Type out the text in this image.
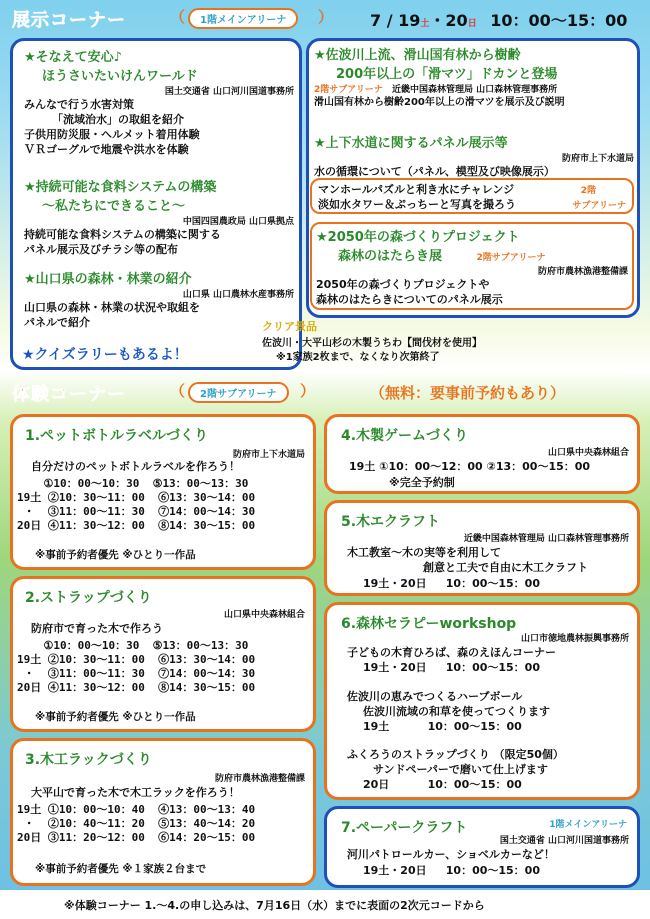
展示コーナー	（	1階メインアリーナ	） 7 / 19土・20日 10：00～15：00
★そなえて安心♪
ほうさいたいけんワールド
国土交通省 山口河川国道事務所
みんなで行う水害対策
「流域治水」の取組を紹介
子供用防災服・ヘルメット着用体験
ＶＲゴーグルで地震や洪水を体験
★持続可能な食料システムの構築
～私たちにできること～
中国四国農政局 山口県拠点
持続可能な食料システムの構築に関する
パネル展示及びチラシ等の配布
★山口県の森林・林業の紹介
山口県 山口農林水産事務所
山口県の森林・林業の状況や取組を
パネルで紹介
★クイズラリーもあるよ！
クリア景品
佐波川・大平山杉の木製うちわ【間伐材を使用】
※1家族2枚まで、なくなり次第終了
★佐波川上流、滑山国有林から樹齢
200年以上の「滑マツ」ドカンと登場
2階サブアリーナ 近畿中国森林管理局 山口森林管理事務所
滑山国有林から樹齢200年以上の滑マツを展示及び説明
★上下水道に関するパネル展示等
防府市上下水道局
水の循環について（パネル、模型及び映像展示）
マンホールパズルと利き水にチャレンジ
淡如水タワー＆ぷっちーと写真を撮ろう
2階
サブアリーナ
★2050年の森づくりプロジェクト
森林のはたらき展	2階サブアリーナ
防府市農林漁港整備課
2050年の森づくりプロジェクトや
森林のはたらきについてのパネル展示
体験コーナー	（	2階サブアリーナ	）	（無料：要事前予約もあり）
1.ペットボトルラベルづくり
防府市上下水道局
自分だけのペットボトルラベルを作ろう！
①10：00～10：30  ⑤13：00～13：30
19土 ②10：30～11：00  ⑥13：30～14：00
・  ③11：00～11：30  ⑦14：00～14：30
20日 ④11：30～12：00  ⑧14：30～15：00
※事前予約者優先 ※ひとり一作品
2.ストラップづくり
山口県中央森林組合
防府市で育った木で作ろう
①10：00～10：30  ⑤13：00～13：30
19土 ②10：30～11：00  ⑥13：30～14：00
・  ③11：00～11：30  ⑦14：00～14：30
20日 ④11：30～12：00  ⑧14：30～15：00
※事前予約者優先 ※ひとり一作品
3.木工ラックづくり
防府市農林漁港整備課
大平山で育った木で木工ラックを作ろう！
19土 ①10：00～10：40  ④13：00～13：40
・  ②10：40～11：20  ⑤13：40～14：20
20日 ③11：20～12：00  ⑥14：20～15：00
※事前予約者優先 ※１家族２台まで
4.木製ゲームづくり
山口県中央森林組合
19土 ①10：00～12：00 ②13：00～15：00
※完全予約制
5.木エクラフト
近畿中国森林管理局 山口森林管理事務所
木工教室～木の実等を利用して
創意と工夫で自由に木工クラフト
19土・20日     10：00～15：00
6.森林セラピーworkshop
山口市徳地農林振興事務所
子どもの木育ひろば、森のえほんコーナー
19土・20日     10：00～15：00
佐波川の恵みでつくるハーブボール
佐波川流域の和草を使ってつくります
19土          10：00～15：00
ふくろうのストラップづくり （限定50個）
サンドペーパーで磨いて仕上げます
20日          10：00～15：00
7.ペーパークラフト	1階メインアリーナ
国土交通省 山口河川国道事務所
河川パトロールカー、ショベルカーなど！
19土・20日     10：00～15：00
※体験コーナー 1.～4.の申し込みは、7月16日（水）までに表面の2次元コードから
